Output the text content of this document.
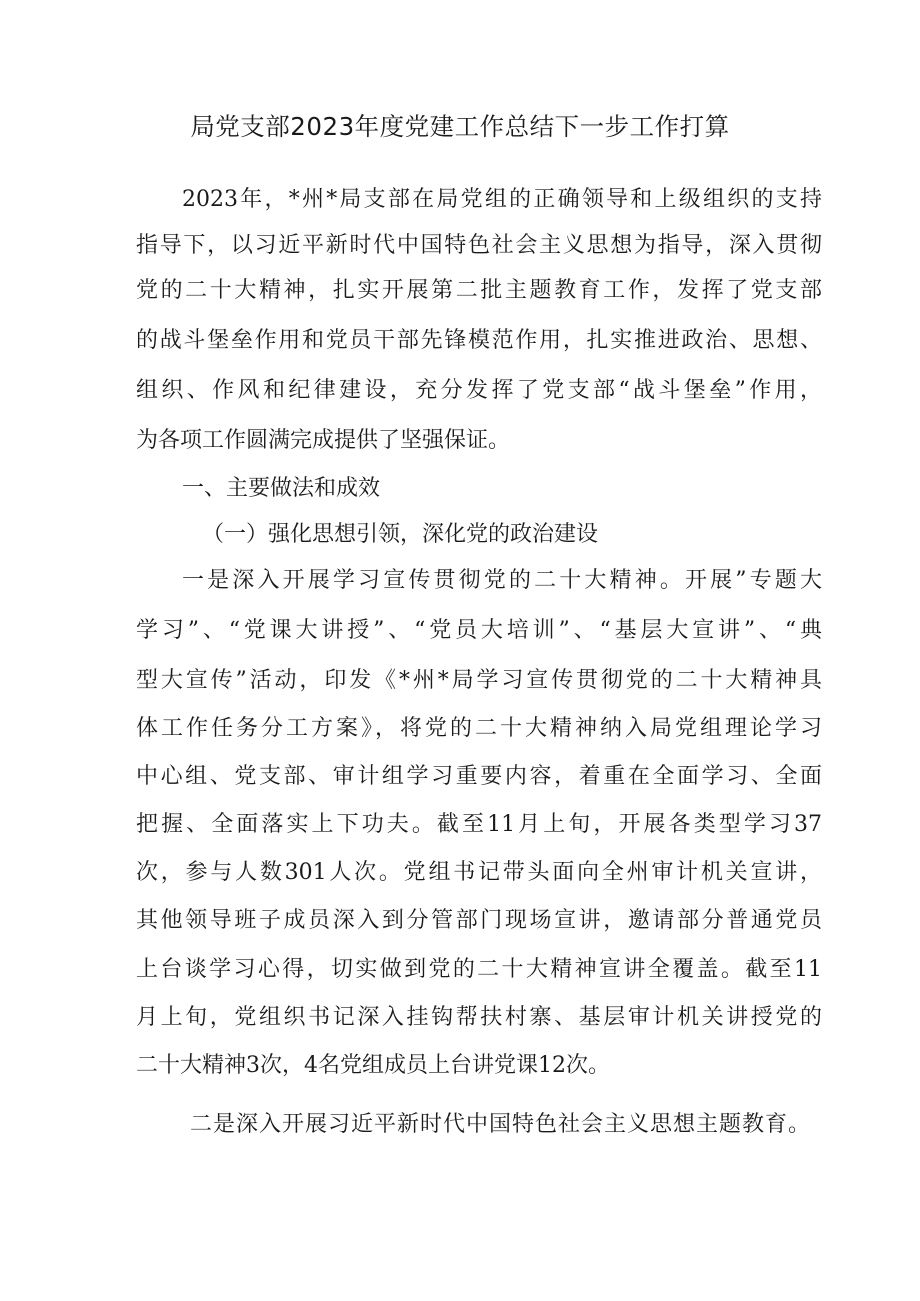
局党支部2023年度党建工作总结下一步工作打算
2023年，*州*局支部在局党组的正确领导和上级组织的支持
指导下，以习近平新时代中国特色社会主义思想为指导，深入贯彻
党的二十大精神，扎实开展第二批主题教育工作，发挥了党支部
的战斗堡垒作用和党员干部先锋模范作用，扎实推进政治、思想、
组织、作风和纪律建设，充分发挥了党支部“战斗堡垒”作用，
为各项工作圆满完成提供了坚强保证。
一、主要做法和成效
（一）强化思想引领，深化党的政治建设
一是深入开展学习宣传贯彻党的二十大精神。开展”专题大
学习”、“党课大讲授”、“党员大培训”、“基层大宣讲”、“典
型大宣传”活动，印发《*州*局学习宣传贯彻党的二十大精神具
体工作任务分工方案》，将党的二十大精神纳入局党组理论学习
中心组、党支部、审计组学习重要内容，着重在全面学习、全面
把握、全面落实上下功夫。截至11月上旬，开展各类型学习37
次，参与人数301人次。党组书记带头面向全州审计机关宣讲，
其他领导班子成员深入到分管部门现场宣讲，邀请部分普通党员
上台谈学习心得，切实做到党的二十大精神宣讲全覆盖。截至11
月上旬，党组织书记深入挂钩帮扶村寨、基层审计机关讲授党的
二十大精神3次，4名党组成员上台讲党课12次。
二是深入开展习近平新时代中国特色社会主义思想主题教育。
